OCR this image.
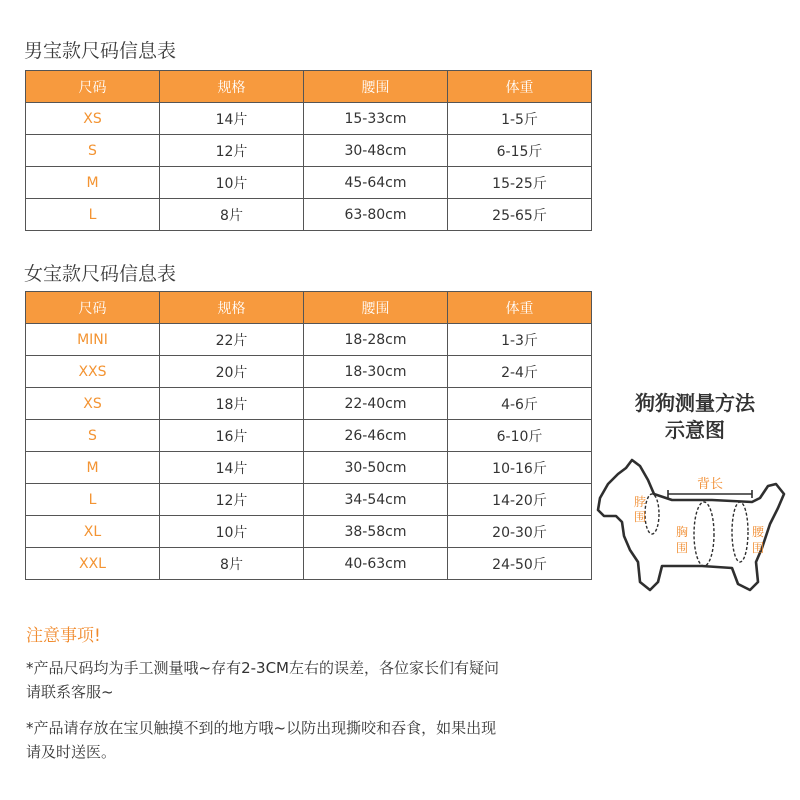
男宝款尺码信息表
尺码	规格	腰围	体重
XS	14片	15-33cm	1-5斤
S	12片	30-48cm	6-15斤
M	10片	45-64cm	15-25斤
L	8片	63-80cm	25-65斤
女宝款尺码信息表
尺码	规格	腰围	体重
MINI	22片	18-28cm	1-3斤
XXS	20片	18-30cm	2-4斤
XS	18片	22-40cm	4-6斤
S	16片	26-46cm	6-10斤
M	14片	30-50cm	10-16斤
L	12片	34-54cm	14-20斤
XL	10片	38-58cm	20-30斤
XXL	8片	40-63cm	24-50斤
狗狗测量方法
示意图
背长
脖
围
胸
围
腰
围
注意事项!

*产品尺码均为手工测量哦~存有2-3CM左右的误差，各位家长们有疑问
请联系客服~

*产品请存放在宝贝触摸不到的地方哦~以防出现撕咬和吞食，如果出现
请及时送医。
